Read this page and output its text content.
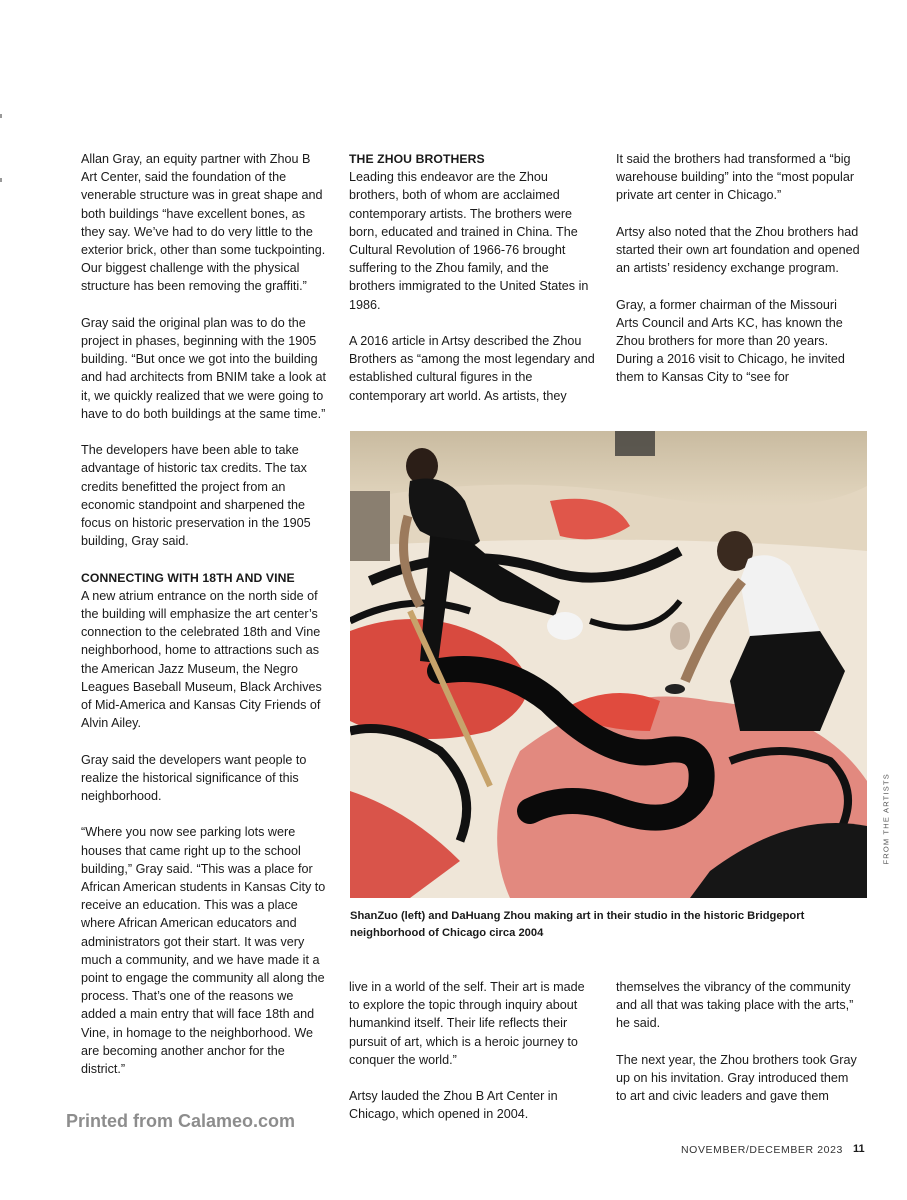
Allan Gray, an equity partner with Zhou B Art Center, said the foundation of the venerable structure was in great shape and both buildings “have excellent bones, as they say. We’ve had to do very little to the exterior brick, other than some tuckpointing. Our biggest challenge with the physical structure has been removing the graffiti.”

Gray said the original plan was to do the project in phases, beginning with the 1905 building. “But once we got into the building and had architects from BNIM take a look at it, we quickly realized that we were going to have to do both buildings at the same time.”

The developers have been able to take advantage of historic tax credits. The tax credits benefitted the project from an economic standpoint and sharpened the focus on historic preservation in the 1905 building, Gray said.

CONNECTING WITH 18TH AND VINE

A new atrium entrance on the north side of the building will emphasize the art center’s connection to the celebrated 18th and Vine neighborhood, home to attractions such as the American Jazz Museum, the Negro Leagues Baseball Museum, Black Archives of Mid-America and Kansas City Friends of Alvin Ailey.

Gray said the developers want people to realize the historical significance of this neighborhood.

“Where you now see parking lots were houses that came right up to the school building,” Gray said. “This was a place for African American students in Kansas City to receive an education. This was a place where African American educators and administrators got their start. It was very much a community, and we have made it a point to engage the community all along the process. That’s one of the reasons we added a main entry that will face 18th and Vine, in homage to the neighborhood. We are becoming another anchor for the district.”

THE ZHOU BROTHERS

Leading this endeavor are the Zhou brothers, both of whom are acclaimed contemporary artists. The brothers were born, educated and trained in China. The Cultural Revolution of 1966-76 brought suffering to the Zhou family, and the brothers immigrated to the United States in 1986.

A 2016 article in Artsy described the Zhou Brothers as “among the most legendary and established cultural figures in the contemporary art world. As artists, they

It said the brothers had transformed a “big warehouse building” into the “most popular private art center in Chicago.”

Artsy also noted that the Zhou brothers had started their own art foundation and opened an artists’ residency exchange program.

Gray, a former chairman of the Missouri Arts Council and Arts KC, has known the Zhou brothers for more than 20 years. During a 2016 visit to Chicago, he invited them to Kansas City to “see for

ShanZuo (left) and DaHuang Zhou making art in their studio in the historic Bridgeport neighborhood of Chicago circa 2004
FROM THE ARTISTS

live in a world of the self. Their art is made to explore the topic through inquiry about humankind itself. Their life reflects their pursuit of art, which is a heroic journey to conquer the world.”

Artsy lauded the Zhou B Art Center in Chicago, which opened in 2004.

themselves the vibrancy of the community and all that was taking place with the arts,” he said.

The next year, the Zhou brothers took Gray up on his invitation. Gray introduced them to art and civic leaders and gave them

Printed from Calameo.com
NOVEMBER/DECEMBER 2023 11
